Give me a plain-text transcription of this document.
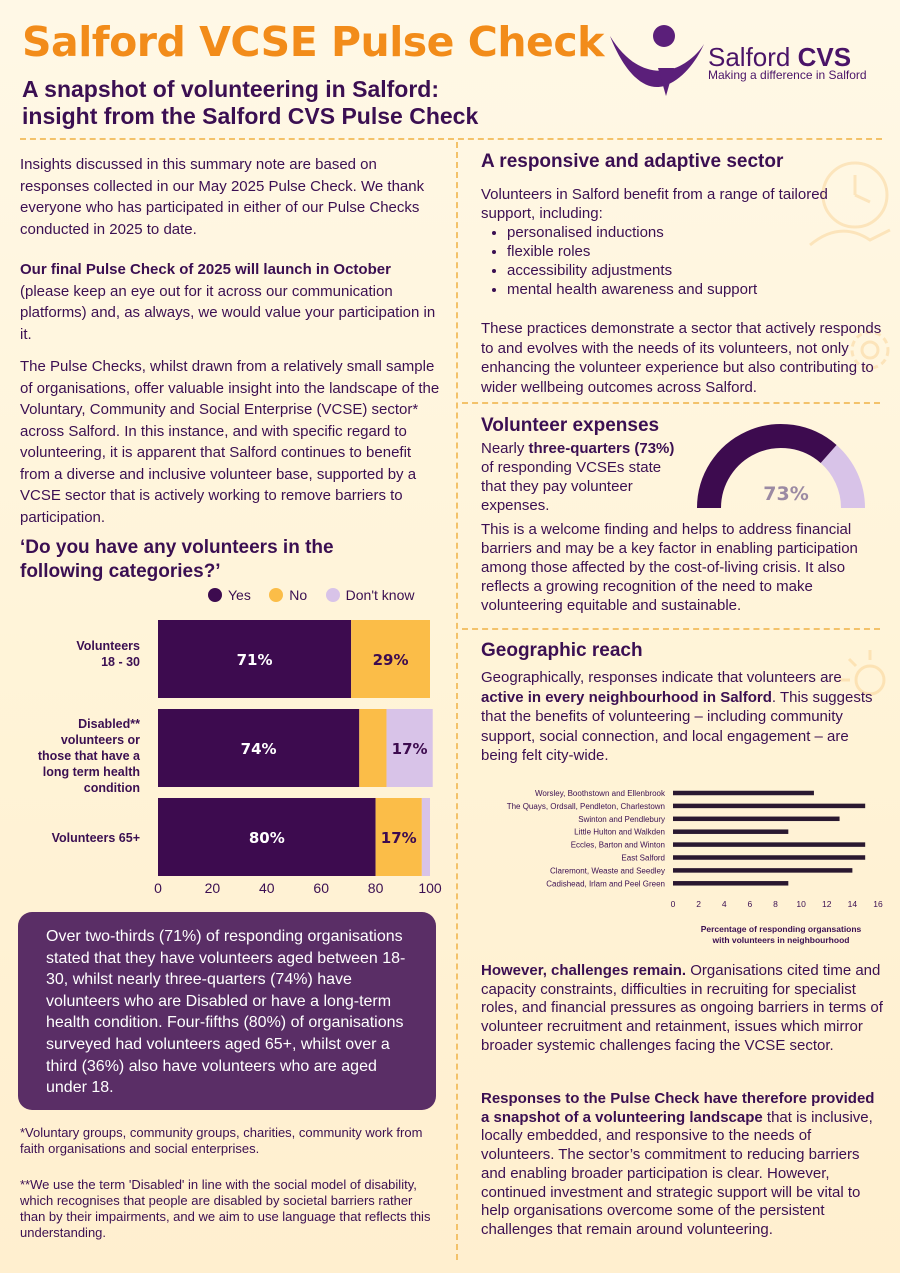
Salford VCSE Pulse Check
A snapshot of volunteering in Salford:
insight from the Salford CVS Pulse Check
Salford CVS
Making a difference in Salford

Insights discussed in this summary note are based on responses collected in our May 2025 Pulse Check. We thank everyone who has participated in either of our Pulse Checks conducted in 2025 to date.

Our final Pulse Check of 2025 will launch in October (please keep an eye out for it across our communication platforms) and, as always, we would value your participation in it.

The Pulse Checks, whilst drawn from a relatively small sample of organisations, offer valuable insight into the landscape of the Voluntary, Community and Social Enterprise (VCSE) sector* across Salford. In this instance, and with specific regard to volunteering, it is apparent that Salford continues to benefit from a diverse and inclusive volunteer base, supported by a VCSE sector that is actively working to remove barriers to participation.

‘Do you have any volunteers in the
following categories?’
Yes	No	Don't know
71%	29%
74%	17%
80%	17%
0	20	40	60	80 100
Volunteers
18 - 30
Disabled**
volunteers or
those that have a
long term health
condition
Volunteers 65+
Over two-thirds (71%) of responding organisations stated that they have volunteers aged between 18-30, whilst nearly three-quarters (74%) have volunteers who are Disabled or have a long-term health condition. Four-fifths (80%) of organisations surveyed had volunteers aged 65+, whilst over a third (36%) also have volunteers who are aged under 18.

*Voluntary groups, community groups, charities, community work from faith organisations and social enterprises.

**We use the term 'Disabled' in line with the social model of disability, which recognises that people are disabled by societal barriers rather than by their impairments, and we aim to use language that reflects this understanding.

A responsive and adaptive sector

Volunteers in Salford benefit from a range of tailored support, including:

• personalised inductions
• flexible roles
• accessibility adjustments
• mental health awareness and support

These practices demonstrate a sector that actively responds to and evolves with the needs of its volunteers, not only enhancing the volunteer experience but also contributing to wider wellbeing outcomes across Salford.

Volunteer expenses

Nearly three-quarters (73%) of responding VCSEs state that they pay volunteer expenses.

73%

This is a welcome finding and helps to address financial barriers and may be a key factor in enabling participation among those affected by the cost-of-living crisis. It also reflects a growing recognition of the need to make volunteering equitable and sustainable.

Geographic reach

Geographically, responses indicate that volunteers are active in every neighbourhood in Salford. This suggests that the benefits of volunteering – including community support, social connection, and local engagement – are being felt city-wide.

Worsley, Boothstown and Ellenbrook
The Quays, Ordsall, Pendleton, Charlestown
Swinton and Pendlebury
Little Hulton and Walkden
Eccles, Barton and Winton
East Salford
Claremont, Weaste and Seedley
Cadishead, Irlam and Peel Green
0 2 4 6 8 10 12 14 16
Percentage of responding organsations
with volunteers in neighbourhood

However, challenges remain. Organisations cited time and capacity constraints, difficulties in recruiting for specialist roles, and financial pressures as ongoing barriers in terms of volunteer recruitment and retainment, issues which mirror broader systemic challenges facing the VCSE sector.

Responses to the Pulse Check have therefore provided a snapshot of a volunteering landscape that is inclusive, locally embedded, and responsive to the needs of volunteers. The sector’s commitment to reducing barriers and enabling broader participation is clear. However, continued investment and strategic support will be vital to help organisations overcome some of the persistent challenges that remain around volunteering.
